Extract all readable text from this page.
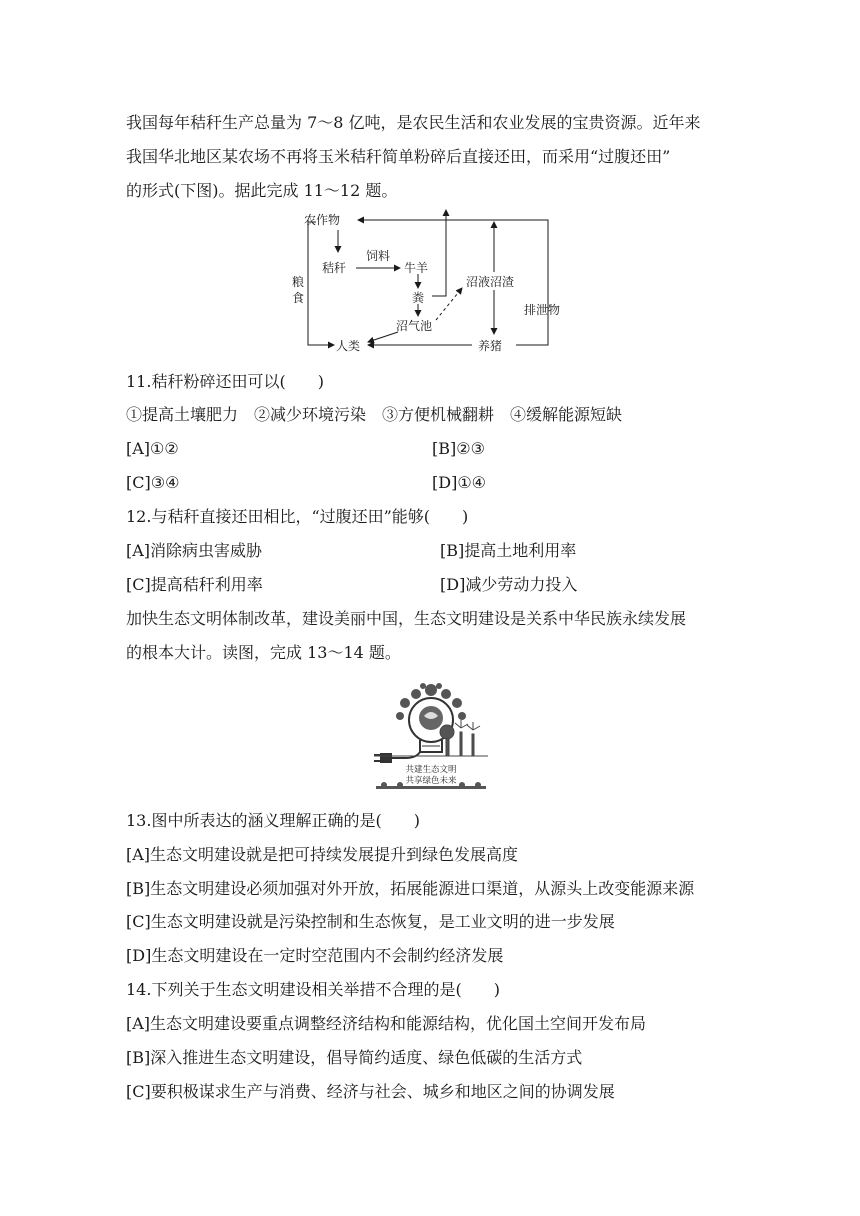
我国每年秸秆生产总量为 7～8 亿吨，是农民生活和农业发展的宝贵资源。近年来
我国华北地区某农场不再将玉米秸秆简单粉碎后直接还田，而采用“过腹还田”
的形式(下图)。据此完成 11～12 题。
农作物
秸秆
饲料
牛羊
粪
沼气池
沼液沼渣
排泄物
粮
食
人类	养猪
11.秸秆粉碎还田可以(　　)
①提高土壤肥力　②减少环境污染　③方便机械翻耕　④缓解能源短缺
[A]①②	[B]②③
[C]③④	[D]①④
12.与秸秆直接还田相比，“过腹还田”能够(　　)
[A]消除病虫害威胁	[B]提高土地利用率
[C]提高秸秆利用率	[D]减少劳动力投入
加快生态文明体制改革，建设美丽中国，生态文明建设是关系中华民族永续发展
的根本大计。读图，完成 13～14 题。
共建生态文明
共享绿色未来
13.图中所表达的涵义理解正确的是(　　)
[A]生态文明建设就是把可持续发展提升到绿色发展高度
[B]生态文明建设必须加强对外开放，拓展能源进口渠道，从源头上改变能源来源
[C]生态文明建设就是污染控制和生态恢复，是工业文明的进一步发展
[D]生态文明建设在一定时空范围内不会制约经济发展
14.下列关于生态文明建设相关举措不合理的是(　　)
[A]生态文明建设要重点调整经济结构和能源结构，优化国土空间开发布局
[B]深入推进生态文明建设，倡导简约适度、绿色低碳的生活方式
[C]要积极谋求生产与消费、经济与社会、城乡和地区之间的协调发展
